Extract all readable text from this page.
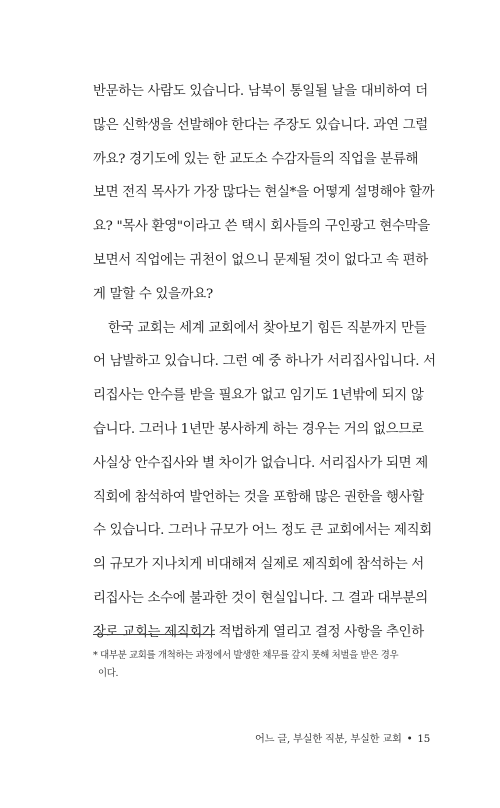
반문하는 사람도 있습니다. 남북이 통일될 날을 대비하여 더
많은 신학생을 선발해야 한다는 주장도 있습니다. 과연 그럴
까요? 경기도에 있는 한 교도소 수감자들의 직업을 분류해
보면 전직 목사가 가장 많다는 현실*을 어떻게 설명해야 할까
요? "목사 환영"이라고 쓴 택시 회사들의 구인광고 현수막을
보면서 직업에는 귀천이 없으니 문제될 것이 없다고 속 편하
게 말할 수 있을까요?
한국 교회는 세계 교회에서 찾아보기 힘든 직분까지 만들
어 남발하고 있습니다. 그런 예 중 하나가 서리집사입니다. 서
리집사는 안수를 받을 필요가 없고 임기도 1년밖에 되지 않
습니다. 그러나 1년만 봉사하게 하는 경우는 거의 없으므로
사실상 안수집사와 별 차이가 없습니다. 서리집사가 되면 제
직회에 참석하여 발언하는 것을 포함해 많은 권한을 행사할
수 있습니다. 그러나 규모가 어느 정도 큰 교회에서는 제직회
의 규모가 지나치게 비대해져 실제로 제직회에 참석하는 서
리집사는 소수에 불과한 것이 현실입니다. 그 결과 대부분의
장로 교회는 제직회가 적법하게 열리고 결정 사항을 추인하
* 대부분 교회를 개척하는 과정에서 발생한 채무를 갚지 못해 처벌을 받은 경우
이다.
어느 글, 부실한 직분, 부실한 교회 • 15
